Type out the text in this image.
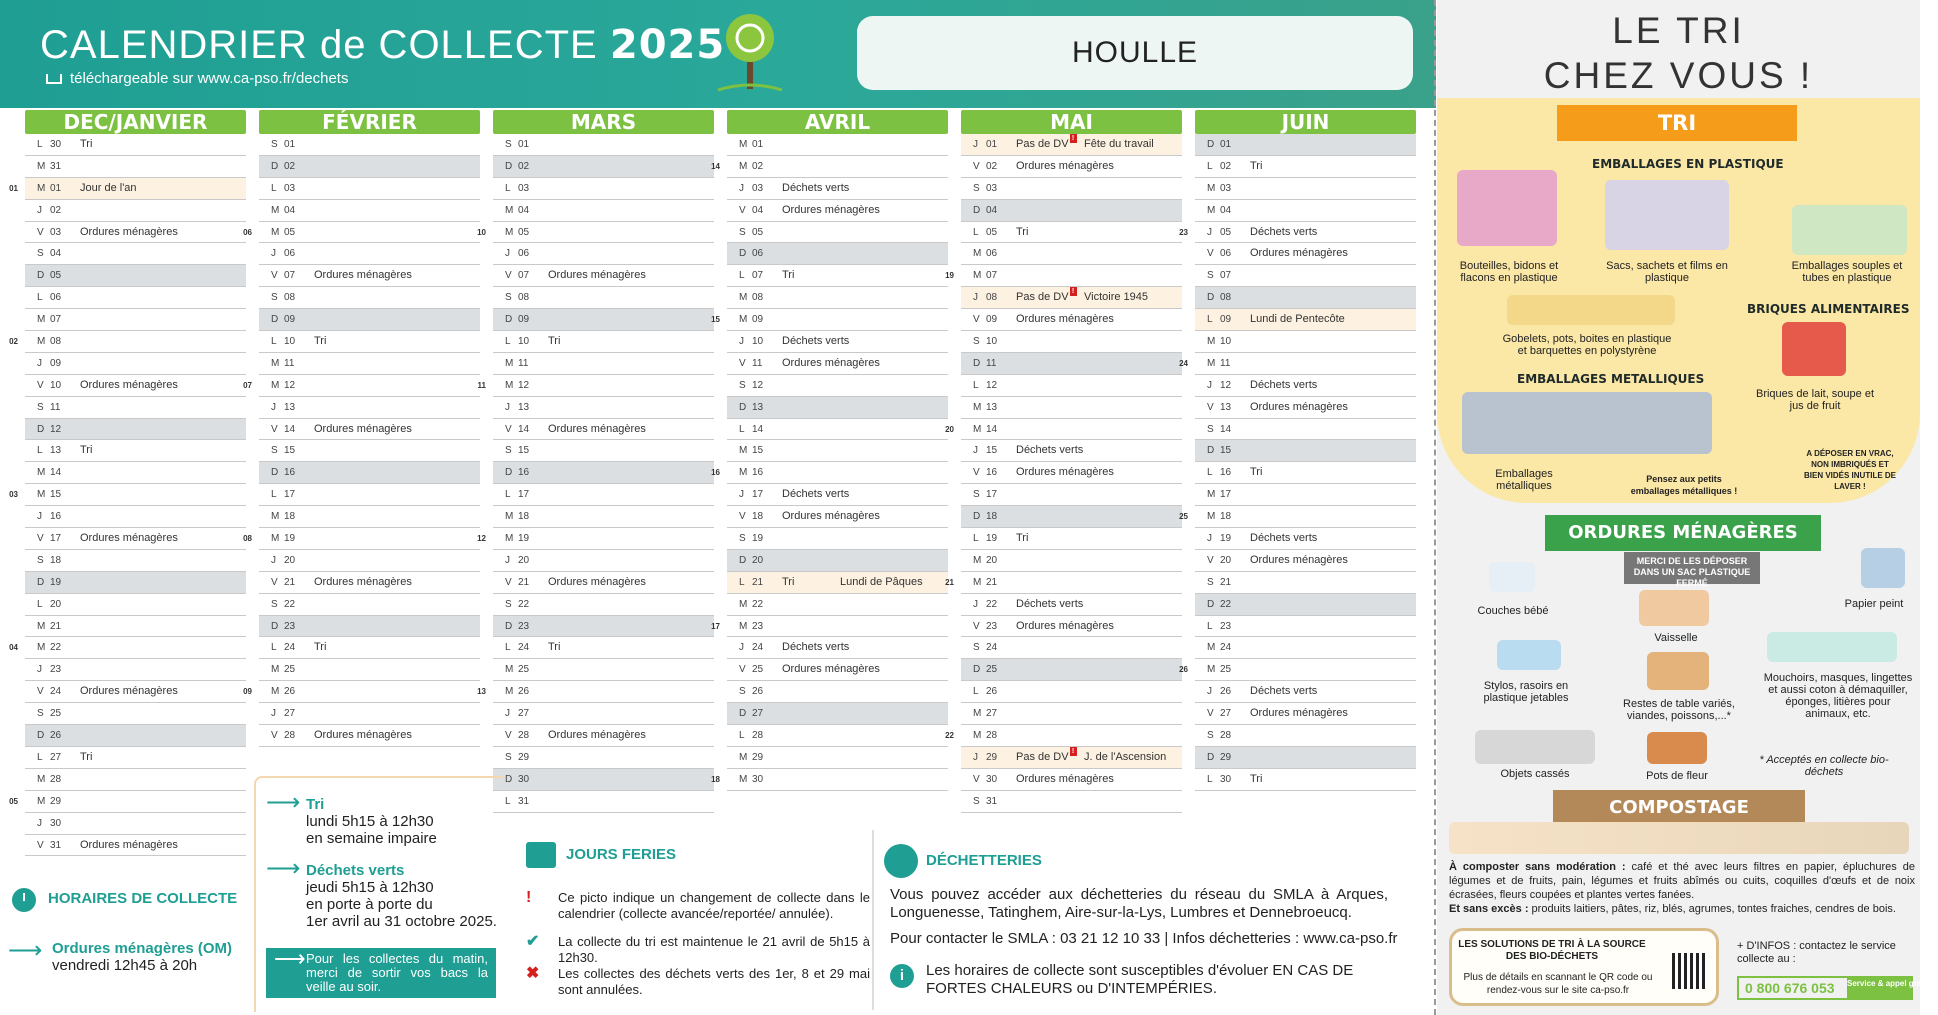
CALENDRIER de COLLECTE 2025
téléchargeable sur www.ca-pso.fr/dechets
HOULLE
DEC/JANVIER
L 30 Tri
M 31
01 M 01 Jour de l'an
J 02
V 03 Ordures ménagères
S 04
D 05
L 06
M 07
02 M 08
J 09
V 10 Ordures ménagères
S 11
D 12
L 13 Tri
M 14
03 M 15
J 16
V 17 Ordures ménagères
S 18
D 19
L 20
M 21
04 M 22
J 23
V 24 Ordures ménagères
S 25
D 26
L 27 Tri
M 28
05 M 29
J 30
V 31 Ordures ménagères
FÉVRIER
S 01
D 02
L 03
M 04
06 M 05
J 06
V 07 Ordures ménagères
S 08
D 09
L 10 Tri
M 11
07 M 12
J 13
V 14 Ordures ménagères
S 15
D 16
L 17
M 18
08 M 19
J 20
V 21 Ordures ménagères
S 22
D 23
L 24 Tri
M 25
09 M 26
J 27
V 28 Ordures ménagères
MARS
S 01
D 02
L 03
M 04
10 M 05
J 06
V 07 Ordures ménagères
S 08
D 09
L 10 Tri
M 11
11 M 12
J 13
V 14 Ordures ménagères
S 15
D 16
L 17
M 18
12 M 19
J 20
V 21 Ordures ménagères
S 22
D 23
L 24 Tri
M 25
13 M 26
J 27
V 28 Ordures ménagères
S 29
D 30
L 31
AVRIL
M 01
14 M 02
J 03 Déchets verts
V 04 Ordures ménagères
S 05
D 06
L 07 Tri
M 08
15 M 09
J 10 Déchets verts
V 11 Ordures ménagères
S 12
D 13
L 14
M 15
16 M 16
J 17 Déchets verts
V 18 Ordures ménagères
S 19
D 20
L 21 Tri	Lundi de Pâques
M 22
17 M 23
J 24 Déchets verts
V 25 Ordures ménagères
S 26
D 27
L 28
M 29
18 M 30
MAI
J 01 Pas de DV ! Fête du travail
V 02 Ordures ménagères
S 03
D 04
L 05 Tri
M 06
19 M 07
J 08 Pas de DV ! Victoire 1945
V 09 Ordures ménagères
S 10
D 11
L 12
M 13
20 M 14
J 15 Déchets verts
V 16 Ordures ménagères
S 17
D 18
L 19 Tri
M 20
21 M 21
J 22 Déchets verts
V 23 Ordures ménagères
S 24
D 25
L 26
M 27
22 M 28
J 29 Pas de DV ! J. de l'Ascension
V 30 Ordures ménagères
S 31
JUIN
D 01
L 02 Tri
M 03
M 04
23 J 05 Déchets verts
V 06 Ordures ménagères
S 07
D 08
L 09 Lundi de Pentecôte
M 10
24 M 11
J 12 Déchets verts
V 13 Ordures ménagères
S 14
D 15
L 16 Tri
M 17
25 M 18
J 19 Déchets verts
V 20 Ordures ménagères
S 21
D 22
L 23
M 24
26 M 25
J 26 Déchets verts
V 27 Ordures ménagères
S 28
D 29
L 30 Tri
HORAIRES DE COLLECTE
⟶ Ordures ménagères (OM)
vendredi 12h45 à 20h
⟶ Tri
lundi 5h15 à 12h30
en semaine impaire
⟶ Déchets verts
jeudi 5h15 à 12h30
en porte à porte du
1er avril au 31 octobre 2025.
⟶ Pour les collectes du matin, merci de sortir vos bacs la veille au soir.
JOURS FERIES
!	Ce picto indique un changement de collecte dans le calendrier (collecte avancée/reportée/ annulée).
✔	La collecte du tri est maintenue le 21 avril de 5h15 à 12h30.
✖	Les collectes des déchets verts des 1er, 8 et 29 mai sont annulées.
DÉCHETTERIES
Vous pouvez accéder aux déchetteries du réseau du SMLA à Arques, Longuenesse, Tatinghem, Aire-sur-la-Lys, Lumbres et Dennebroeucq.
Pour contacter le SMLA : 03 21 12 10 33 | Infos déchetteries : www.ca-pso.fr
i	Les horaires de collecte sont susceptibles d'évoluer EN CAS DE FORTES CHALEURS ou D'INTEMPÉRIES.
LE TRI
CHEZ VOUS !
TRI
EMBALLAGES EN PLASTIQUE
Bouteilles, bidons et flacons en plastique
Sacs, sachets et films en plastique
Emballages souples et tubes en plastique
Gobelets, pots, boites en plastique et barquettes en polystyrène
BRIQUES ALIMENTAIRES
Briques de lait, soupe et jus de fruit
EMBALLAGES METALLIQUES
Emballages métalliques
Pensez aux petits emballages métalliques !
A DÉPOSER EN VRAC, NON IMBRIQUÉS ET BIEN VIDÉS INUTILE DE LAVER !
ORDURES MÉNAGÈRES
MERCI DE LES DÉPOSER DANS UN SAC PLASTIQUE FERMÉ
Couches bébé
Papier peint
Vaisselle
Stylos, rasoirs en plastique jetables	Restes de table variés, viandes, poissons,...*
Mouchoirs, masques, lingettes et aussi coton à démaquiller, éponges, litières pour animaux, etc.
Objets cassés	Pots de fleur
* Acceptés en collecte bio-déchets
COMPOSTAGE
À composter sans modération : café et thé avec leurs filtres en papier, épluchures de légumes et de fruits, pain, légumes et fruits abîmés ou cuits, coquilles d'œufs et de noix écrasées, fleurs coupées et plantes vertes fanées.
Et sans excès : produits laitiers, pâtes, riz, blés, agrumes, tontes fraiches, cendres de bois.
LES SOLUTIONS DE TRI À LA SOURCE DES BIO-DÉCHETS
Plus de détails en scannant le QR code ou rendez-vous sur le site ca-pso.fr
+ D'INFOS : contactez le service collecte au :
0 800 676 053 Service & appel gratuits
